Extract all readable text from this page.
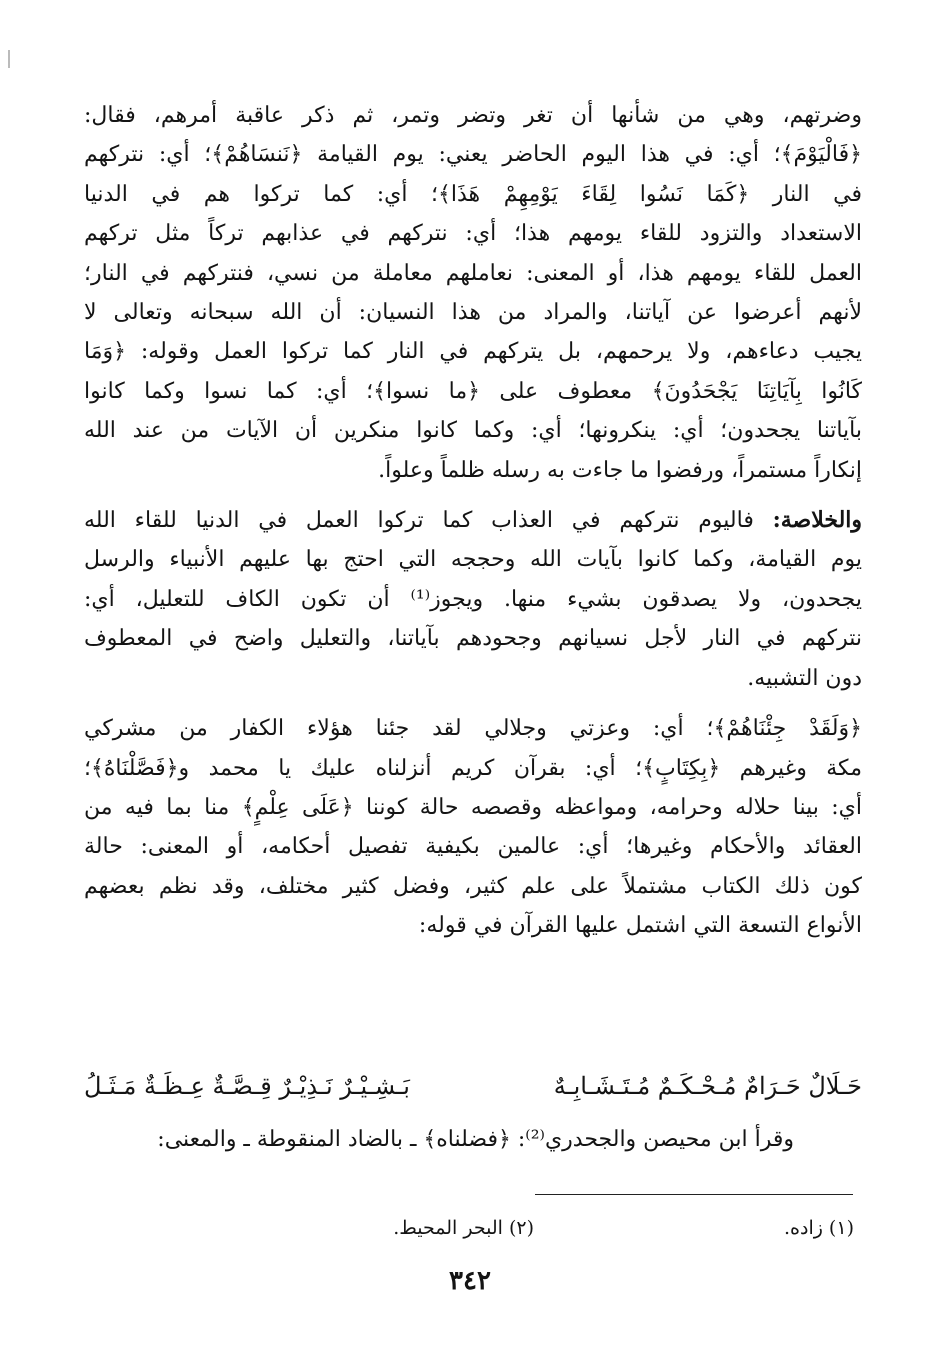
وضرتهم، وهي من شأنها أن تغر وتضر وتمر، ثم ذكر عاقبة أمرهم، فقال:
﴿فَالْيَوْمَ﴾؛ أي: في هذا اليوم الحاضر يعني: يوم القيامة ﴿نَنسَاهُمْ﴾؛ أي: نتركهم
في النار ﴿كَمَا نَسُوا لِقَاءَ يَوْمِهِمْ هَذَا﴾؛ أي: كما تركوا هم في الدنيا
الاستعداد والتزود للقاء يومهم هذا؛ أي: نتركهم في عذابهم تركاً مثل تركهم
العمل للقاء يومهم هذا، أو المعنى: نعاملهم معاملة من نسي، فنتركهم في النار؛
لأنهم أعرضوا عن آياتنا، والمراد من هذا النسيان: أن الله سبحانه وتعالى لا
يجيب دعاءهم، ولا يرحمهم، بل يتركهم في النار كما تركوا العمل وقوله: ﴿وَمَا
كَانُوا بِآيَاتِنَا يَجْحَدُونَ﴾ معطوف على ﴿ما نسوا﴾؛ أي: كما نسوا وكما كانوا
بآياتنا يجحدون؛ أي: ينكرونها؛ أي: وكما كانوا منكرين أن الآيات من عند الله
إنكاراً مستمراً، ورفضوا ما جاءت به رسله ظلماً وعلواً.
والخلاصة: فاليوم نتركهم في العذاب كما تركوا العمل في الدنيا للقاء الله
يوم القيامة، وكما كانوا بآيات الله وحججه التي احتج بها عليهم الأنبياء والرسل
يجحدون، ولا يصدقون بشيء منها. ويجوز⁽¹⁾ أن تكون الكاف للتعليل، أي:
نتركهم في النار لأجل نسيانهم وجحودهم بآياتنا، والتعليل واضح في المعطوف
دون التشبيه.
﴿وَلَقَدْ جِئْنَاهُمْ﴾؛ أي: وعزتي وجلالي لقد جئنا هؤلاء الكفار من مشركي
مكة وغيرهم ﴿بِكِتَابٍ﴾؛ أي: بقرآن كريم أنزلناه عليك يا محمد و﴿فَصَّلْنَاهُ﴾؛
أي: بينا حلاله وحرامه، ومواعظه وقصصه حالة كوننا ﴿عَلَى عِلْمٍ﴾ منا بما فيه من
العقائد والأحكام وغيرها؛ أي: عالمين بكيفية تفصيل أحكامه، أو المعنى: حالة
كون ذلك الكتاب مشتملاً على علم كثير، وفضل كثير مختلف، وقد نظم بعضهم
الأنواع التسعة التي اشتمل عليها القرآن في قوله:
حَـلَالٌ حَـرَامٌ مُـحْـكَـمٌ مُـتَـشَـابِـهٌ
بَـشِـيْـرٌ نَـذِيْـرٌ قِـصَّـةٌ عِـظَـةٌ مَـثَـلُ
وقرأ ابن محيصن والجحدري⁽²⁾: ﴿فضلناه﴾ ـ بالضاد المنقوطة ـ والمعنى:
(١) زاده.
(٢) البحر المحيط.
٣٤٢
